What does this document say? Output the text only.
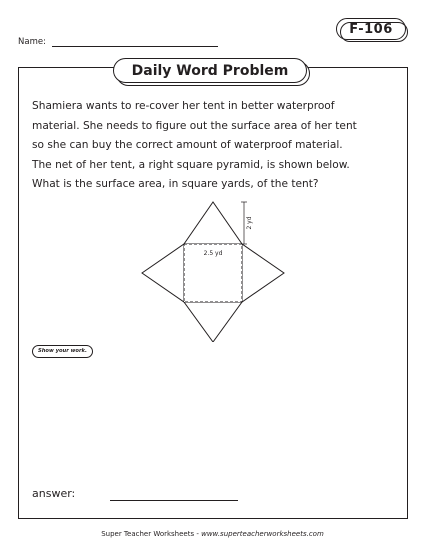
Name:
F-106
Daily Word Problem
Shamiera wants to re-cover her tent in better waterproof
material. She needs to figure out the surface area of her tent
so she can buy the correct amount of waterproof material.
The net of her tent, a right square pyramid, is shown below.
What is the surface area, in square yards, of the tent?
2 yd
2.5 yd
Show your work.
answer:
Super Teacher Worksheets - www.superteacherworksheets.com
